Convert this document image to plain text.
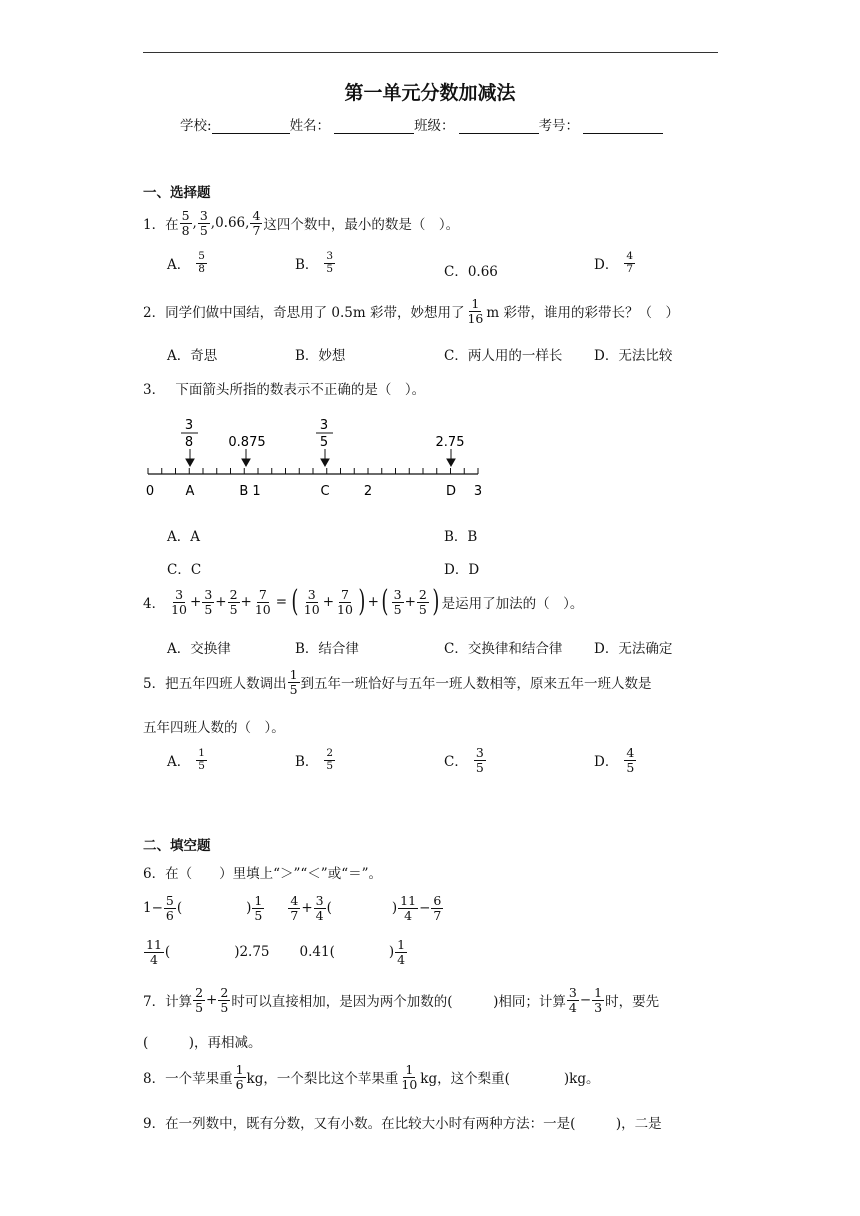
第一单元分数加减法
学校:	姓名：	班级：	考号：
一、选择题
1． 在 $\frac{5}{8}$ , $\frac{3}{5} ,0.66$, $\frac{4}{7}$ 这四个数中，最小的数是（　）。
A． $\frac{5}{8}$	B． $\frac{3}{5}$	C．0.66	D． $\frac{4}{7}$
2． 同学们做中国结，奇思用了 0.5m 彩带，妙想用了 $\frac{1}{16}$ m 彩带，谁用的彩带长？（　）
A．奇思	B．妙想	C．两人用的一样长 D．无法比较
3． 下面箭头所指的数表示不正确的是（　）。
3
8	0.875
3
5	2.75
0 A	B 1	C	2	D 3
A．A	B．B
C．C	D．D
4． $\frac{3}{10} + \frac{3}{5} + \frac{2}{5} + \frac{7}{10}$ = ( $\frac{3}{10} + \frac{7}{10}$ ) + ( $\frac{3}{5} + \frac{2}{5}$ ) 是运用了加法的（　）。
A．交换律	B．结合律	C．交换律和结合律 D．无法确定
5． 把五年四班人数调出 $\frac{1}{5}$ 到五年一班恰好与五年一班人数相等，原来五年一班人数是
五年四班人数的（　）。
A． $\frac{1}{5}$	B． $\frac{2}{5}$	C． $\frac{3}{5}$	D． $\frac{4}{5}$
二、填空题
6．在（　　）里填上“＞”“＜”或“＝”。
$1- \frac{5}{6}$ (	) $\frac{1}{5} \frac{4}{7} + \frac{3}{4}$ (	) $\frac{11}{4} - \frac{6}{7}$
$\frac{11}{4}$ (	)2.75 0.41(	) $\frac{1}{4}$
7． 计算 $\frac{2}{5} + \frac{2}{5}$ 时可以直接相加，是因为两个加数的(　　　)相同；计算 $\frac{3}{4} - \frac{1}{3}$ 时，要先
(　　　)，再相减。
8． 一个苹果重 $\frac{1}{6}$ kg，一个梨比这个苹果重 $\frac{1}{10}$ kg，这个梨重(　　　　)kg。
9．在一列数中，既有分数，又有小数。在比较大小时有两种方法：一是(　　　)，二是
